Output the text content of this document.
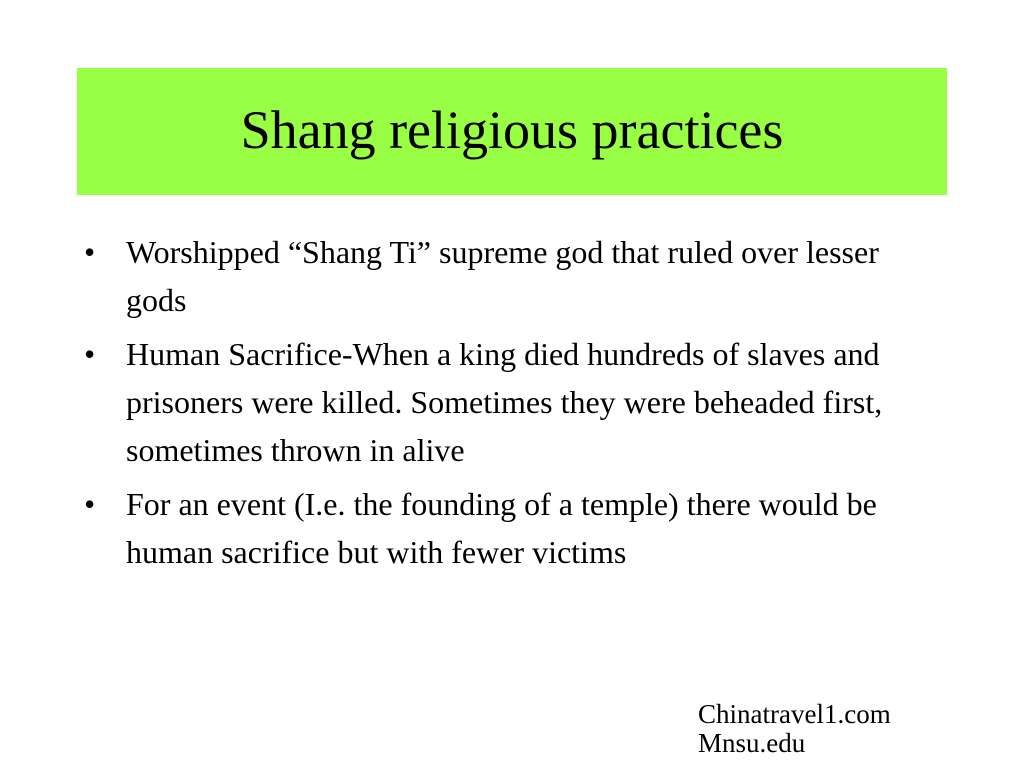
Shang religious practices
• Worshipped “Shang Ti” supreme god that ruled over lesser gods
• Human Sacrifice-When a king died hundreds of slaves and prisoners were killed. Sometimes they were beheaded first, sometimes thrown in alive
• For an event (I.e. the founding of a temple) there would be human sacrifice but with fewer victims
Chinatravel1.com
Mnsu.edu
